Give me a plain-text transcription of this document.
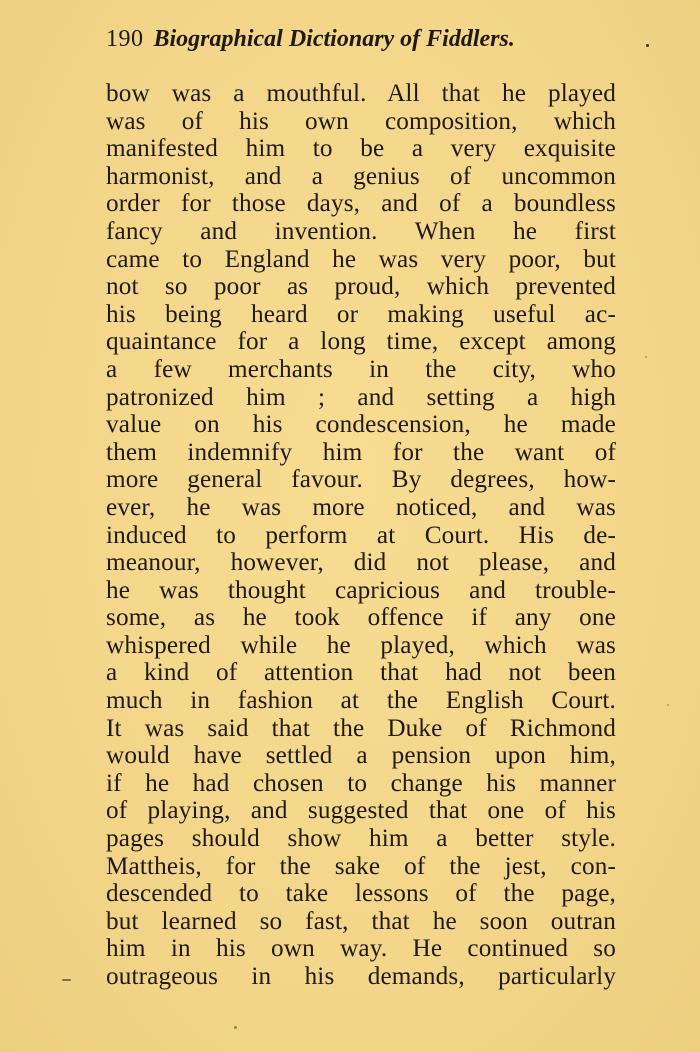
190 Biographical Dictionary of Fiddlers.
bow was a mouthful. All that he played
was of his own composition, which
manifested him to be a very exquisite
harmonist, and a genius of uncommon
order for those days, and of a boundless
fancy and invention. When he first
came to England he was very poor, but
not so poor as proud, which prevented
his being heard or making useful ac-
quaintance for a long time, except among
a few merchants in the city, who
patronized him ; and setting a high
value on his condescension, he made
them indemnify him for the want of
more general favour. By degrees, how-
ever, he was more noticed, and was
induced to perform at Court. His de-
meanour, however, did not please, and
he was thought capricious and trouble-
some, as he took offence if any one
whispered while he played, which was
a kind of attention that had not been
much in fashion at the English Court.
It was said that the Duke of Richmond
would have settled a pension upon him,
if he had chosen to change his manner
of playing, and suggested that one of his
pages should show him a better style.
Mattheis, for the sake of the jest, con-
descended to take lessons of the page,
but learned so fast, that he soon outran
him in his own way. He continued so
outrageous in his demands, particularly
